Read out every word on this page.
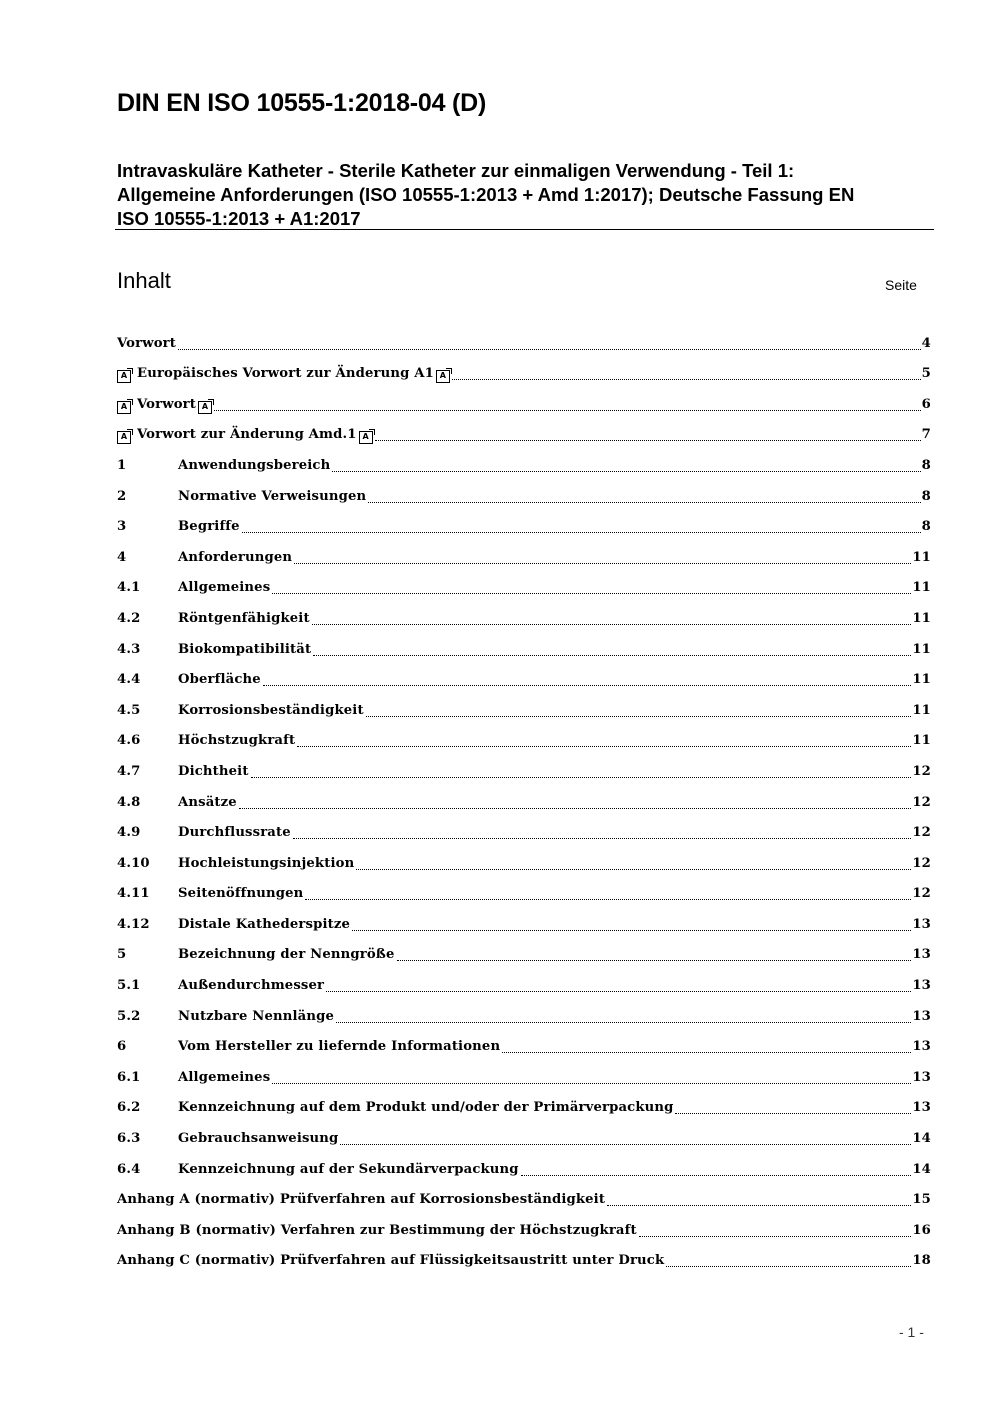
DIN EN ISO 10555-1:2018-04 (D)
Intravaskuläre Katheter - Sterile Katheter zur einmaligen Verwendung - Teil 1:
Allgemeine Anforderungen (ISO 10555-1:2013 + Amd 1:2017); Deutsche Fassung EN
ISO 10555-1:2013 + A1:2017
Inhalt	Seite
Vorwort	4
A Europäisches Vorwort zur Änderung A1 A	5
A Vorwort A	6
A Vorwort zur Änderung Amd.1 A	7
1	Anwendungsbereich	8
2	Normative Verweisungen	8
3	Begriffe	8
4	Anforderungen	11
4.1	Allgemeines	11
4.2	Röntgenfähigkeit	11
4.3	Biokompatibilität	11
4.4	Oberfläche	11
4.5	Korrosionsbeständigkeit	11
4.6	Höchstzugkraft	11
4.7	Dichtheit	12
4.8	Ansätze	12
4.9	Durchflussrate	12
4.10	Hochleistungsinjektion	12
4.11	Seitenöffnungen	12
4.12	Distale Kathederspitze	13
5	Bezeichnung der Nenngröße	13
5.1	Außendurchmesser	13
5.2	Nutzbare Nennlänge	13
6	Vom Hersteller zu liefernde Informationen	13
6.1	Allgemeines	13
6.2	Kennzeichnung auf dem Produkt und/oder der Primärverpackung	13
6.3	Gebrauchsanweisung	14
6.4	Kennzeichnung auf der Sekundärverpackung	14
Anhang A (normativ) Prüfverfahren auf Korrosionsbeständigkeit	15
Anhang B (normativ) Verfahren zur Bestimmung der Höchstzugkraft	16
Anhang C (normativ) Prüfverfahren auf Flüssigkeitsaustritt unter Druck	18
- 1 -
